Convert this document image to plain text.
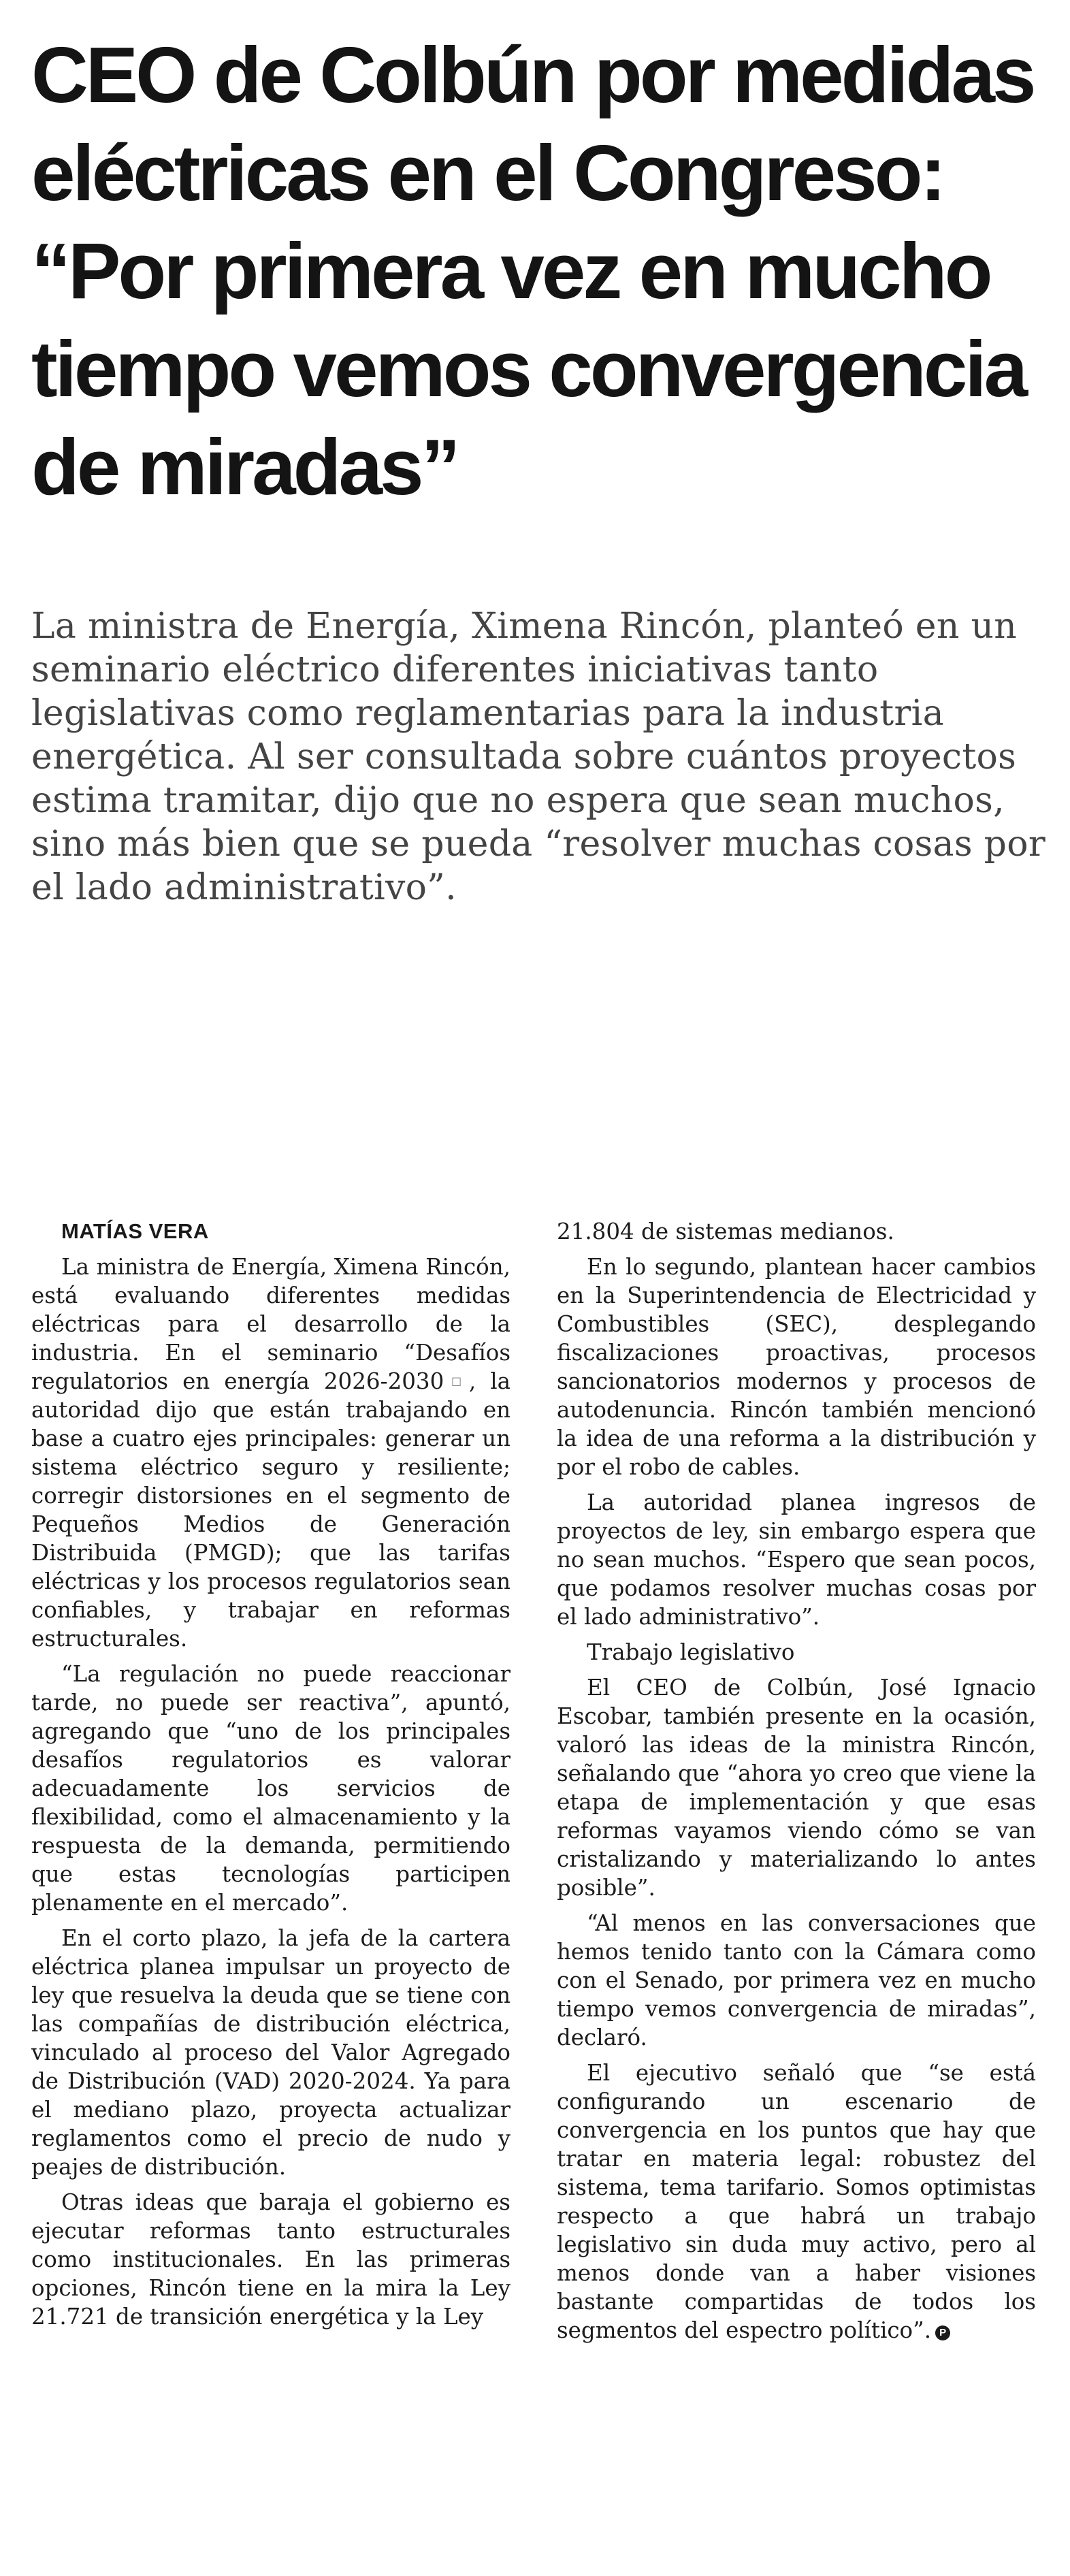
CEO de Colbún por medidas eléctricas en el Congreso: “Por primera vez en mucho tiempo vemos convergencia de miradas”

La ministra de Energía, Ximena Rincón, planteó en un seminario eléctrico diferentes iniciativas tanto legislativas como reglamentarias para la industria energética. Al ser consultada sobre cuántos proyectos estima tramitar, dijo que no espera que sean muchos, sino más bien que se pueda “resolver muchas cosas por el lado administrativo”.

MATÍAS VERA

La ministra de Energía, Ximena Rincón, está evaluando diferentes medidas eléctricas para el desarrollo de la industria. En el seminario “Desafíos regulatorios en energía 2026-2030□, la autoridad dijo que están trabajando en base a cuatro ejes principales: generar un sistema eléctrico seguro y resiliente; corregir distorsiones en el segmento de Pequeños Medios de Generación Distribuida (PMGD); que las tarifas eléctricas y los procesos regulatorios sean confiables, y trabajar en reformas estructurales.

“La regulación no puede reaccionar tarde, no puede ser reactiva”, apuntó, agregando que “uno de los principales desafíos regulatorios es valorar adecuadamente los servicios de flexibilidad, como el almacenamiento y la respuesta de la demanda, permitiendo que estas tecnologías participen plenamente en el mercado”.

En el corto plazo, la jefa de la cartera eléctrica planea impulsar un proyecto de ley que resuelva la deuda que se tiene con las compañías de distribución eléctrica, vinculado al proceso del Valor Agregado de Distribución (VAD) 2020-2024. Ya para el mediano plazo, proyecta actualizar reglamentos como el precio de nudo y peajes de distribución.

Otras ideas que baraja el gobierno es ejecutar reformas tanto estructurales como institucionales. En las primeras opciones, Rincón tiene en la mira la Ley 21.721 de transición energética y la Ley

21.804 de sistemas medianos.

En lo segundo, plantean hacer cambios en la Superintendencia de Electricidad y Combustibles (SEC), desplegando fiscalizaciones proactivas, procesos sancionatorios modernos y procesos de autodenuncia. Rincón también mencionó la idea de una reforma a la distribución y por el robo de cables.

La autoridad planea ingresos de proyectos de ley, sin embargo espera que no sean muchos. “Espero que sean pocos, que podamos resolver muchas cosas por el lado administrativo”.

Trabajo legislativo

El CEO de Colbún, José Ignacio Escobar, también presente en la ocasión, valoró las ideas de la ministra Rincón, señalando que “ahora yo creo que viene la etapa de implementación y que esas reformas vayamos viendo cómo se van cristalizando y materializando lo antes posible”.

“Al menos en las conversaciones que hemos tenido tanto con la Cámara como con el Senado, por primera vez en mucho tiempo vemos convergencia de miradas”, declaró.

El ejecutivo señaló que “se está configurando un escenario de convergencia en los puntos que hay que tratar en materia legal: robustez del sistema, tema tarifario. Somos optimistas respecto a que habrá un trabajo legislativo sin duda muy activo, pero al menos donde van a haber visiones bastante compartidas de todos los segmentos del espectro político”. P
